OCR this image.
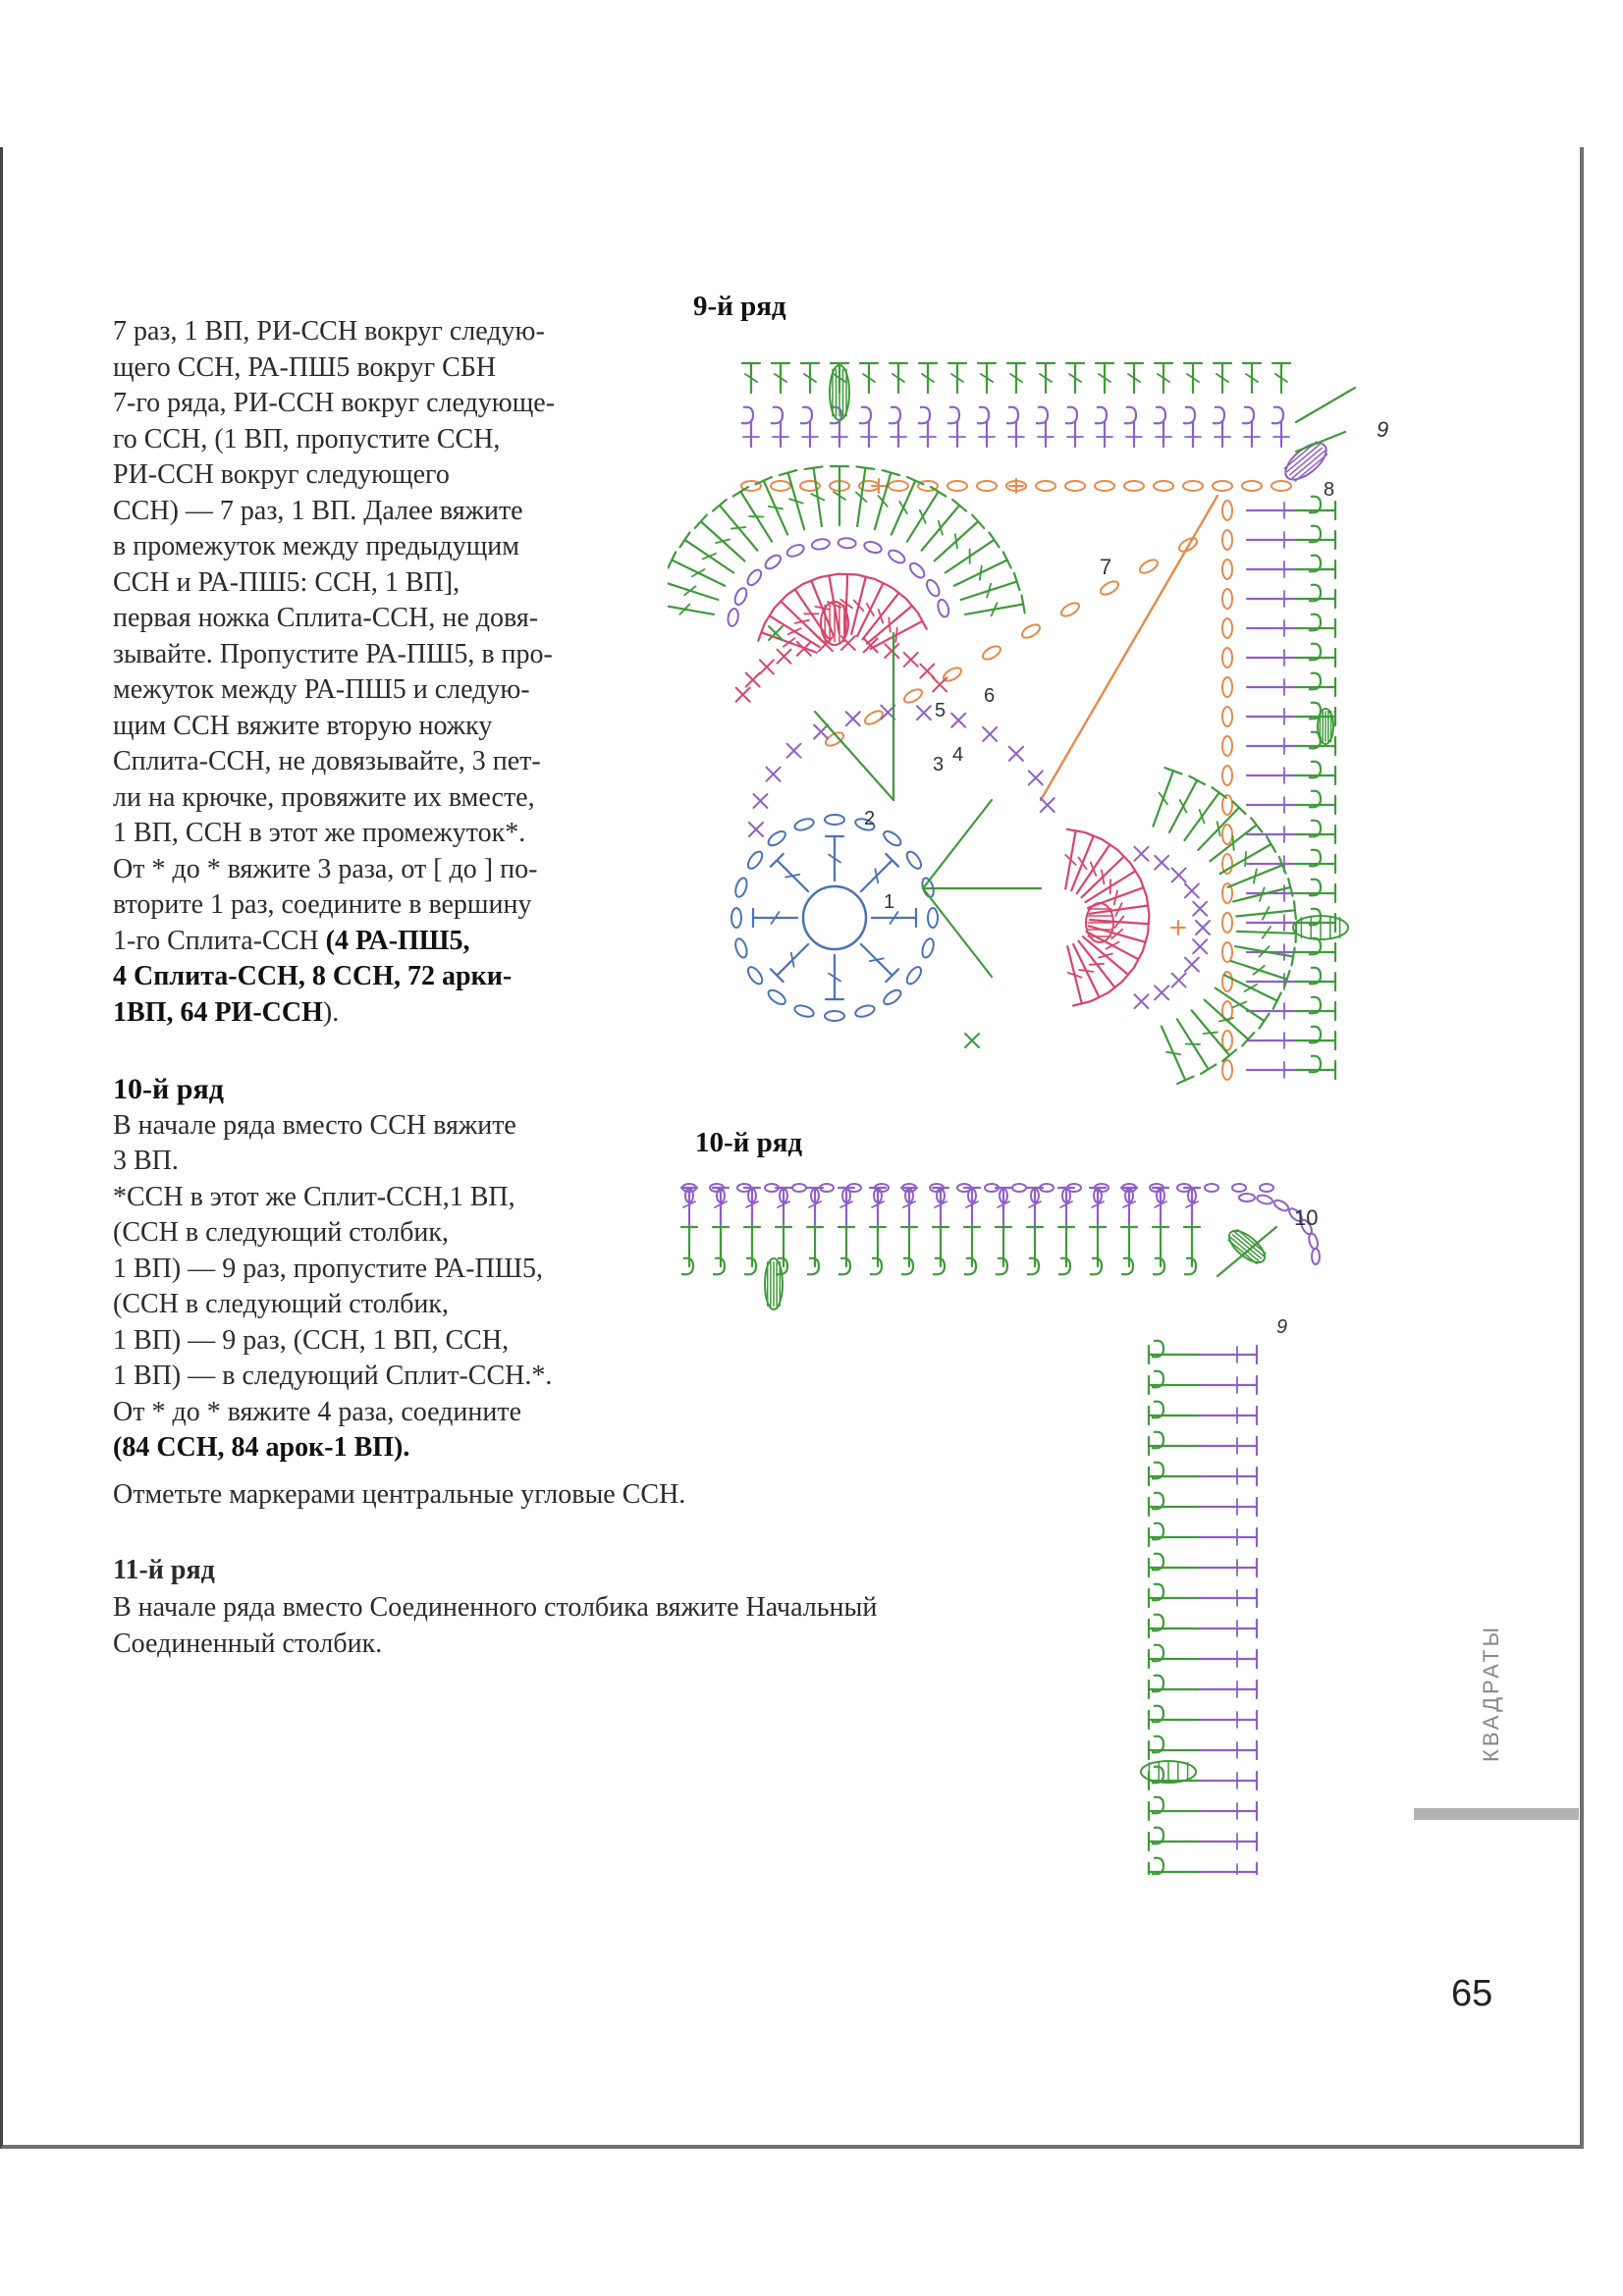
7 раз, 1 ВП, РИ-ССН вокруг следую-

щего ССН, РА-ПШ5 вокруг СБН

7-го ряда, РИ-ССН вокруг следующе-

го ССН, (1 ВП, пропустите ССН,

РИ-ССН вокруг следующего

ССН) — 7 раз, 1 ВП. Далее вяжите

в промежуток между предыдущим

ССН и РА-ПШ5: ССН, 1 ВП],

первая ножка Сплита-ССН, не довя-

зывайте. Пропустите РА-ПШ5, в про-

межуток между РА-ПШ5 и следую-

щим ССН вяжите вторую ножку

Сплита-ССН, не довязывайте, 3 пет-

ли на крючке, провяжите их вместе,

1 ВП, ССН в этот же промежуток*.

От * до * вяжите 3 раза, от [ до ] по-

вторите 1 раз, соедините в вершину

1-го Сплита-ССН (4 РА-ПШ5,

4 Сплита-ССН, 8 ССН, 72 арки-

1ВП, 64 РИ-ССН).

10-й ряд

В начале ряда вместо ССН вяжите

3 ВП.

*ССН в этот же Сплит-ССН,1 ВП,

(ССН в следующий столбик,

1 ВП) — 9 раз, пропустите РА-ПШ5,

(ССН в следующий столбик,

1 ВП) — 9 раз, (ССН, 1 ВП, ССН,

1 ВП) — в следующий Сплит-ССН.*.

От * до * вяжите 4 раза, соедините

(84 ССН, 84 арок-1 ВП).

Отметьте маркерами центральные угловые ССН.
11-й ряд
В начале ряда вместо Соединенного столбика вяжите Начальный
Соединенный столбик.
9-й ряд
10-й ряд
9
8
7
6
5
4
3
2
1
10
9
КВАДРАТЫ
65
